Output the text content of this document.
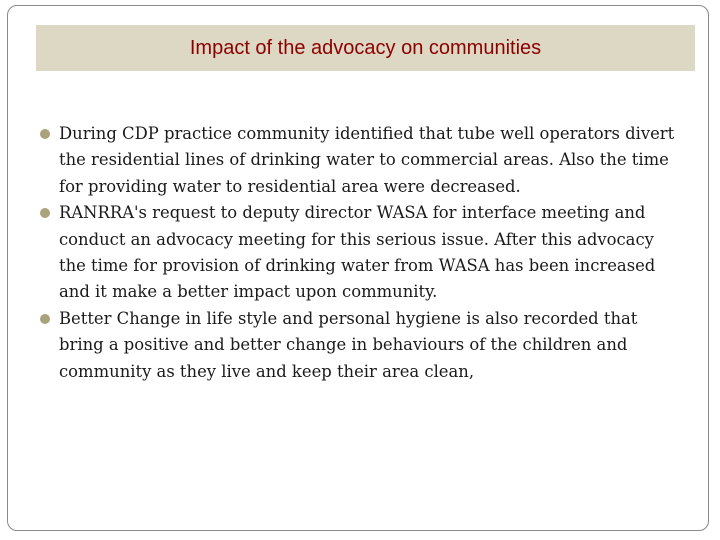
Impact of the advocacy on communities
During CDP practice community identified that tube well operators divert the residential lines of drinking water to commercial areas. Also the time for providing water to residential area were decreased.
RANRRA's request to deputy director WASA for interface meeting and conduct an advocacy meeting for this serious issue. After this advocacy the time for provision of drinking water from WASA has been increased and it make a better impact upon community.
Better Change in life style and personal hygiene is also recorded that bring a positive and better change in behaviours of the children and community as they live and keep their area clean,
